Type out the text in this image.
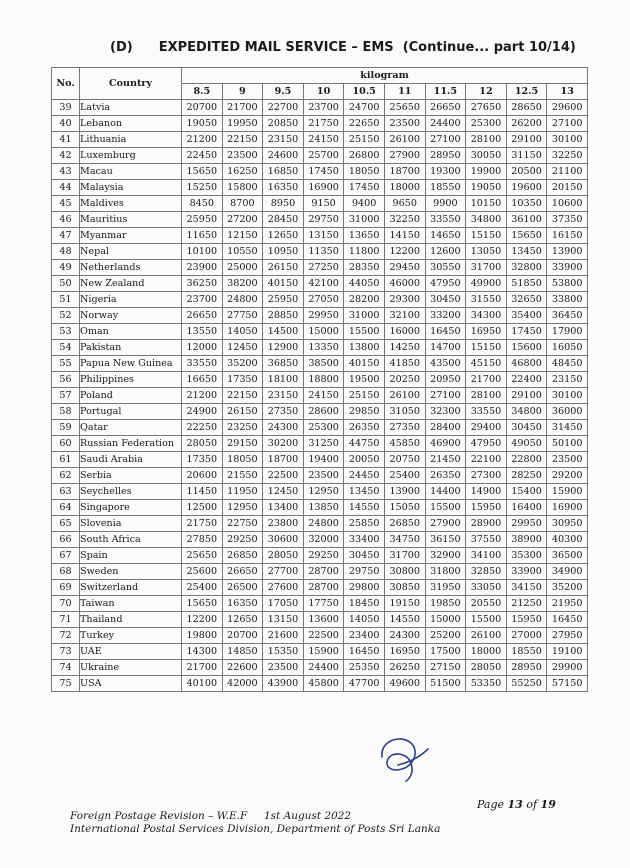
(D) EXPEDITED MAIL SERVICE – EMS (Continue... part 10/14)
No.	Country	kilogram									
		8.5	9	9.5	10	10.5	11	11.5	12	12.5	13
39	Latvia	20700	21700	22700	23700	24700	25650	26650	27650	28650	29600
40	Lebanon	19050	19950	20850	21750	22650	23500	24400	25300	26200	27100
41	Lithuania	21200	22150	23150	24150	25150	26100	27100	28100	29100	30100
42	Luxemburg	22450	23500	24600	25700	26800	27900	28950	30050	31150	32250
43	Macau	15650	16250	16850	17450	18050	18700	19300	19900	20500	21100
44	Malaysia	15250	15800	16350	16900	17450	18000	18550	19050	19600	20150
45	Maldives	8450	8700	8950	9150	9400	9650	9900	10150	10350	10600
46	Mauritius	25950	27200	28450	29750	31000	32250	33550	34800	36100	37350
47	Myanmar	11650	12150	12650	13150	13650	14150	14650	15150	15650	16150
48	Nepal	10100	10550	10950	11350	11800	12200	12600	13050	13450	13900
49	Netherlands	23900	25000	26150	27250	28350	29450	30550	31700	32800	33900
50	New Zealand	36250	38200	40150	42100	44050	46000	47950	49900	51850	53800
51	Nigeria	23700	24800	25950	27050	28200	29300	30450	31550	32650	33800
52	Norway	26650	27750	28850	29950	31000	32100	33200	34300	35400	36450
53	Oman	13550	14050	14500	15000	15500	16000	16450	16950	17450	17900
54	Pakistan	12000	12450	12900	13350	13800	14250	14700	15150	15600	16050
55	Papua New Guinea	33550	35200	36850	38500	40150	41850	43500	45150	46800	48450
56	Philippines	16650	17350	18100	18800	19500	20250	20950	21700	22400	23150
57	Poland	21200	22150	23150	24150	25150	26100	27100	28100	29100	30100
58	Portugal	24900	26150	27350	28600	29850	31050	32300	33550	34800	36000
59	Qatar	22250	23250	24300	25300	26350	27350	28400	29400	30450	31450
60	Russian Federation	28050	29150	30200	31250	44750	45850	46900	47950	49050	50100
61	Saudi Arabia	17350	18050	18700	19400	20050	20750	21450	22100	22800	23500
62	Serbia	20600	21550	22500	23500	24450	25400	26350	27300	28250	29200
63	Seychelles	11450	11950	12450	12950	13450	13900	14400	14900	15400	15900
64	Singapore	12500	12950	13400	13850	14550	15050	15500	15950	16400	16900
65	Slovenia	21750	22750	23800	24800	25850	26850	27900	28900	29950	30950
66	South Africa	27850	29250	30600	32000	33400	34750	36150	37550	38900	40300
67	Spain	25650	26850	28050	29250	30450	31700	32900	34100	35300	36500
68	Sweden	25600	26650	27700	28700	29750	30800	31800	32850	33900	34900
69	Switzerland	25400	26500	27600	28700	29800	30850	31950	33050	34150	35200
70	Taiwan	15650	16350	17050	17750	18450	19150	19850	20550	21250	21950
71	Thailand	12200	12650	13150	13600	14050	14550	15000	15500	15950	16450
72	Turkey	19800	20700	21600	22500	23400	24300	25200	26100	27000	27950
73	UAE	14300	14850	15350	15900	16450	16950	17500	18000	18550	19100
74	Ukraine	21700	22600	23500	24400	25350	26250	27150	28050	28950	29900
75	USA	40100	42000	43900	45800	47700	49600	51500	53350	55250	57150
Page 13 of 19
Foreign Postage Revision – W.E.F     1st August 2022
International Postal Services Division, Department of Posts Sri Lanka
